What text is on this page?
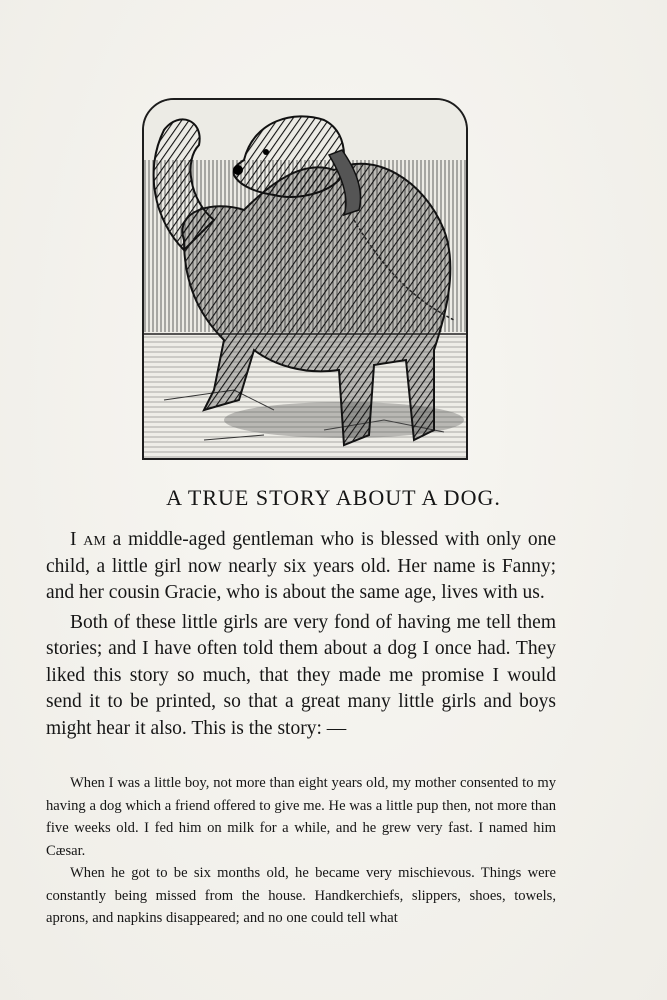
A TRUE STORY ABOUT A DOG.

I am a middle-aged gentleman who is blessed with only one child, a little girl now nearly six years old. Her name is Fanny; and her cousin Gracie, who is about the same age, lives with us.

Both of these little girls are very fond of having me tell them stories; and I have often told them about a dog I once had. They liked this story so much, that they made me promise I would send it to be printed, so that a great many little girls and boys might hear it also. This is the story: —

When I was a little boy, not more than eight years old, my mother consented to my having a dog which a friend offered to give me. He was a little pup then, not more than five weeks old. I fed him on milk for a while, and he grew very fast. I named him Cæsar.

When he got to be six months old, he became very mischievous. Things were constantly being missed from the house. Handkerchiefs, slippers, shoes, towels, aprons, and napkins disappeared; and no one could tell what
